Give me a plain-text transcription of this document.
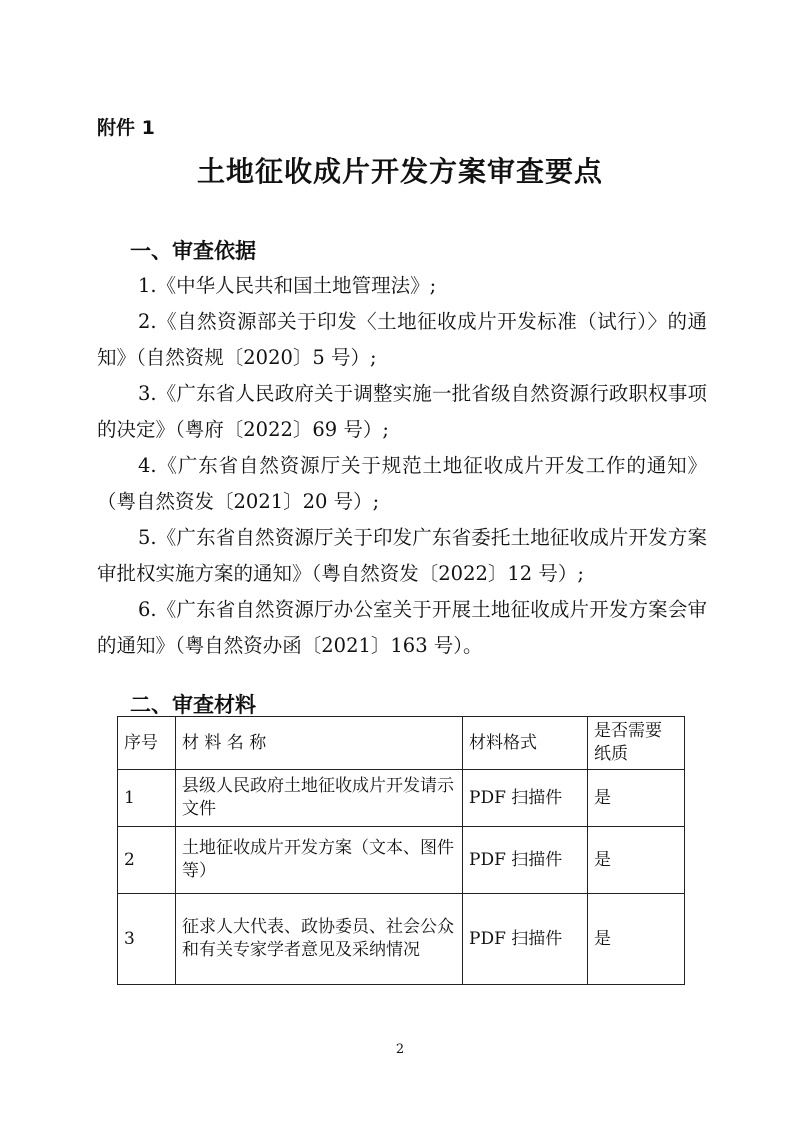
附件 1
土地征收成片开发方案审查要点
一、审查依据

1.《中华人民共和国土地管理法》;

2.《自然资源部关于印发〈土地征收成片开发标准（试行）〉的通知》（自然资规〔2020〕5 号）;

3.《广东省人民政府关于调整实施一批省级自然资源行政职权事项的决定》（粤府〔2022〕69 号）;

4.《广东省自然资源厅关于规范土地征收成片开发工作的通知》（粤自然资发〔2021〕20 号）;

5.《广东省自然资源厅关于印发广东省委托土地征收成片开发方案审批权实施方案的通知》（粤自然资发〔2022〕12 号）;

6.《广东省自然资源厅办公室关于开展土地征收成片开发方案会审的通知》（粤自然资办函〔2021〕163 号）。

二、审查材料
序号	材 料 名 称	材料格式	是否需要纸质
1	县级人民政府土地征收成片开发请示文件	PDF 扫描件	是
2	土地征收成片开发方案（文本、图件等）	PDF 扫描件	是
3	征求人大代表、政协委员、社会公众和有关专家学者意见及采纳情况	PDF 扫描件	是
2
